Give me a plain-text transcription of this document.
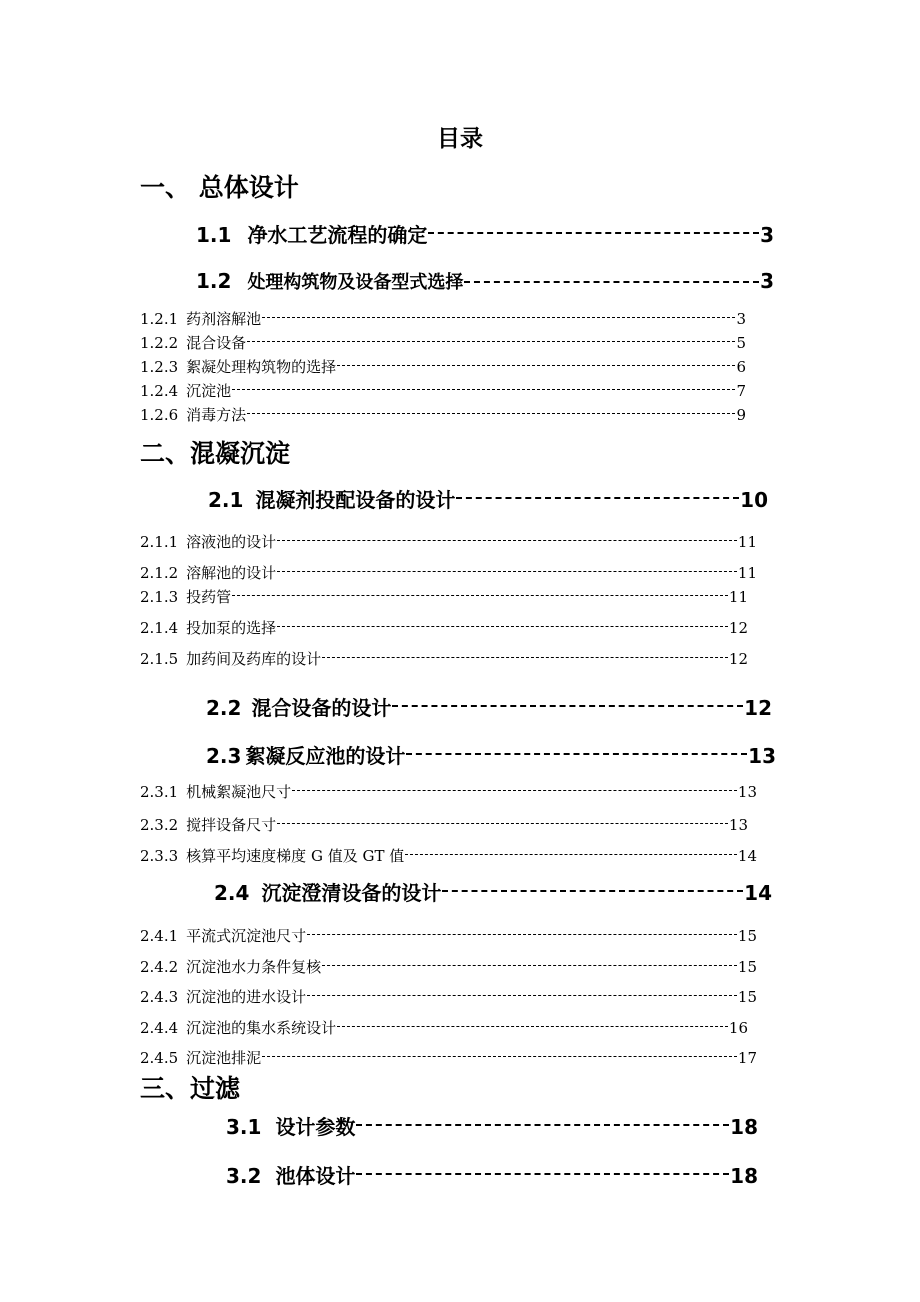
目录
一、 总体设计
1.1 净水工艺流程的确定	3
1.2 处理构筑物及设备型式选择	3
1.2.1 药剂溶解池	3
1.2.2 混合设备	5
1.2.3 絮凝处理构筑物的选择	6
1.2.4 沉淀池	7
1.2.6 消毒方法	9
二、混凝沉淀
2.1 混凝剂投配设备的设计	10
2.1.1 溶液池的设计	11
2.1.2 溶解池的设计	11
2.1.3 投药管	11
2.1.4 投加泵的选择	12
2.1.5 加药间及药库的设计	12
2.2 混合设备的设计	12
2.3 絮凝反应池的设计	13
2.3.1 机械絮凝池尺寸	13
2.3.2 搅拌设备尺寸	13
2.3.3 核算平均速度梯度 G 值及 GT 值	14
2.4 沉淀澄清设备的设计	14
2.4.1 平流式沉淀池尺寸	15
2.4.2 沉淀池水力条件复核	15
2.4.3 沉淀池的进水设计	15
2.4.4 沉淀池的集水系统设计	16
2.4.5 沉淀池排泥	17
三、过滤
3.1 设计参数	18
3.2 池体设计	18
